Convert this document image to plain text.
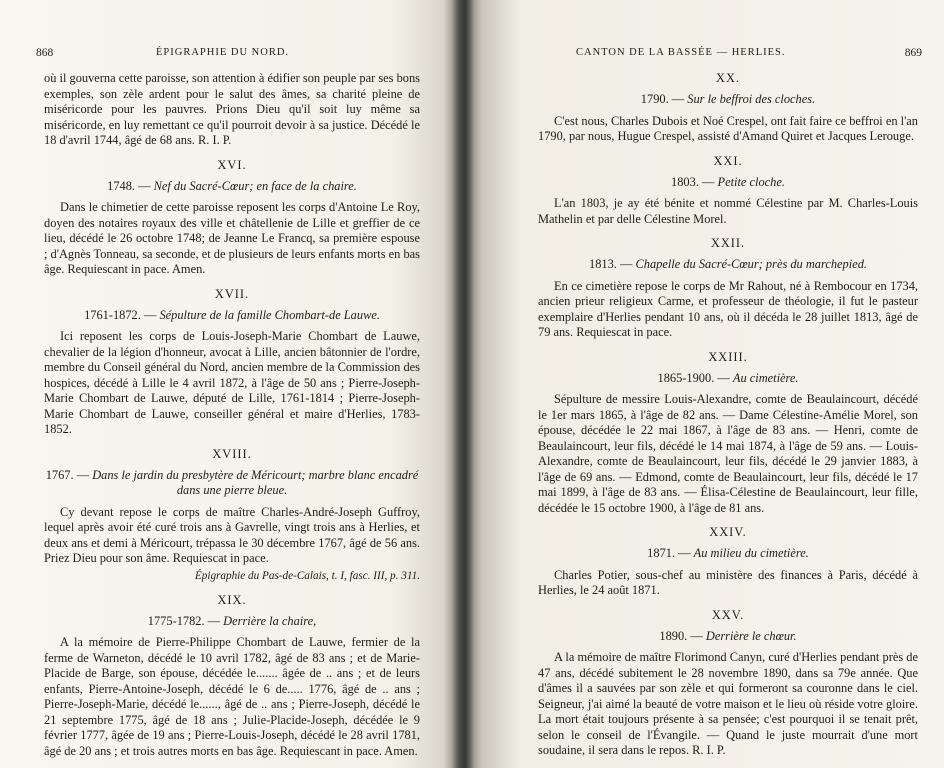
868	ÉPIGRAPHIE DU NORD.

où il gouverna cette paroisse, son attention à édifier son peuple par ses bons exemples, son zèle ardent pour le salut des âmes, sa charité pleine de miséricorde pour les pauvres. Prions Dieu qu'il soit luy même sa miséricorde, en luy remettant ce qu'il pourroit devoir à sa justice. Décédé le 18 d'avril 1744, âgé de 68 ans. R. I. P.

XVI.
1748. — Nef du Sacré-Cœur; en face de la chaire.

Dans le chimetier de cette paroisse reposent les corps d'Antoine Le Roy, doyen des notaires royaux des ville et châtellenie de Lille et greffier de ce lieu, décédé le 26 octobre 1748; de Jeanne Le Francq, sa première espouse ; d'Agnès Tonneau, sa seconde, et de plusieurs de leurs enfants morts en bas âge. Requiescant in pace. Amen.

XVII.
1761-1872. — Sépulture de la famille Chombart-de Lauwe.

Ici reposent les corps de Louis-Joseph-Marie Chombart de Lauwe, chevalier de la légion d'honneur, avocat à Lille, ancien bâtonnier de l'ordre, membre du Conseil général du Nord, ancien membre de la Commission des hospices, décédé à Lille le 4 avril 1872, à l'âge de 50 ans ; Pierre-Joseph-Marie Chombart de Lauwe, député de Lille, 1761-1814 ; Pierre-Joseph-Marie Chombart de Lauwe, conseiller général et maire d'Herlies, 1783-1852.

XVIII.
1767. — Dans le jardin du presbytère de Méricourt; marbre blanc encadré dans une pierre bleue.

Cy devant repose le corps de maître Charles-André-Joseph Guffroy, lequel après avoir été curé trois ans à Gavrelle, vingt trois ans à Herlies, et deux ans et demi à Méricourt, trépassa le 30 décembre 1767, âgé de 56 ans. Priez Dieu pour son âme. Requiescat in pace.

Épigraphie du Pas-de-Calais, t. I, fasc. III, p. 311.
XIX.
1775-1782. — Derrière la chaire,

A la mémoire de Pierre-Philippe Chombart de Lauwe, fermier de la ferme de Warneton, décédé le 10 avril 1782, âgé de 83 ans ; et de Marie-Placide de Barge, son épouse, décédée le....... âgée de .. ans ; et de leurs enfants, Pierre-Antoine-Joseph, décédé le 6 de..... 1776, âgé de .. ans ; Pierre-Joseph-Marie, décédé le......, âgé de .. ans ; Pierre-Joseph, décédé le 21 septembre 1775, âgé de 18 ans ; Julie-Placide-Joseph, décédée le 9 février 1777, âgée de 19 ans ; Pierre-Louis-Joseph, décédé le 28 avril 1781, âgé de 20 ans ; et trois autres morts en bas âge. Requiescant in pace. Amen.

CANTON DE LA BASSÉE — HERLIES.	869
XX.
1790. — Sur le beffroi des cloches.

C'est nous, Charles Dubois et Noé Crespel, ont fait faire ce beffroi en l'an 1790, par nous, Hugue Crespel, assisté d'Amand Quiret et Jacques Lerouge.

XXI.
1803. — Petite cloche.

L'an 1803, je ay été bénite et nommé Célestine par M. Charles-Louis Mathelin et par delle Célestine Morel.

XXII.
1813. — Chapelle du Sacré-Cœur; près du marchepied.

En ce cimetière repose le corps de Mr Rahout, né à Rembocour en 1734, ancien prieur religieux Carme, et professeur de théologie, il fut le pasteur exemplaire d'Herlies pendant 10 ans, où il décéda le 28 juillet 1813, âgé de 79 ans. Requiescat in pace.

XXIII.
1865-1900. — Au cimetière.

Sépulture de messire Louis-Alexandre, comte de Beaulaincourt, décédé le 1er mars 1865, à l'âge de 82 ans. — Dame Célestine-Amélie Morel, son épouse, décédée le 22 mai 1867, à l'âge de 83 ans. — Henri, comte de Beaulaincourt, leur fils, décédé le 14 mai 1874, à l'âge de 59 ans. — Louis-Alexandre, comte de Beaulaincourt, leur fils, décédé le 29 janvier 1883, à l'âge de 69 ans. — Edmond, comte de Beaulaincourt, leur fils, décédé le 17 mai 1899, à l'âge de 83 ans. — Élisa-Célestine de Beaulaincourt, leur fille, décédée le 15 octobre 1900, à l'âge de 81 ans.

XXIV.
1871. — Au milieu du cimetière.

Charles Potier, sous-chef au ministère des finances à Paris, décédé à Herlies, le 24 août 1871.

XXV.
1890. — Derrière le chœur.

A la mémoire de maître Florimond Canyn, curé d'Herlies pendant près de 47 ans, décédé subitement le 28 novembre 1890, dans sa 79e année. Que d'âmes il a sauvées par son zèle et qui formeront sa couronne dans le ciel. Seigneur, j'ai aimé la beauté de votre maison et le lieu où réside votre gloire. La mort était toujours présente à sa pensée; c'est pourquoi il se tenait prêt, selon le conseil de l'Évangile. — Quand le juste mourrait d'une mort soudaine, il sera dans le repos. R. I. P.
